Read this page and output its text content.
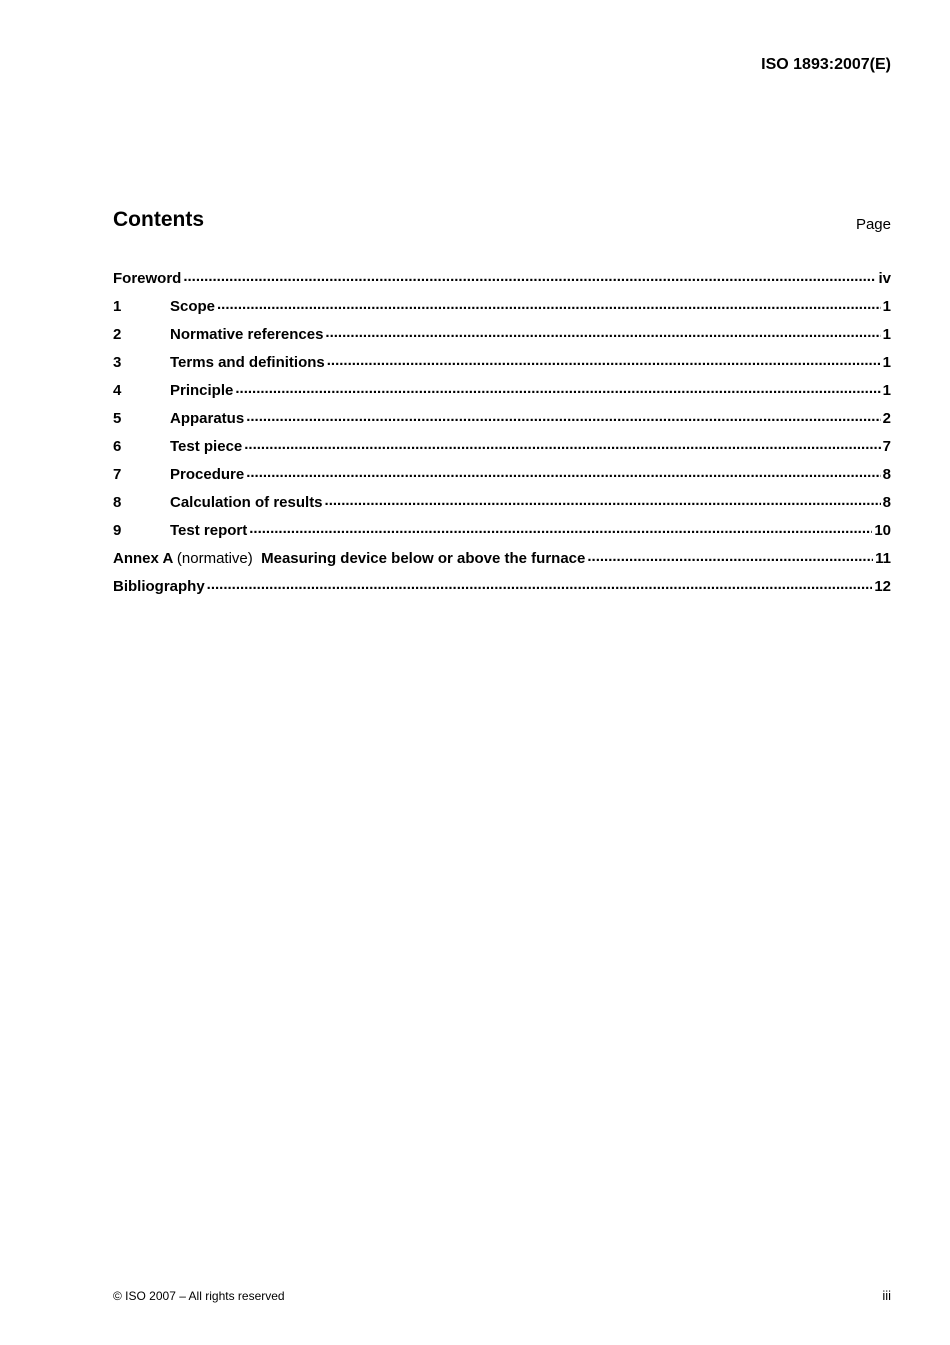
ISO 1893:2007(E)
Contents	Page
Foreword .....	iv
1	Scope .....	1
2	Normative references .....	1
3	Terms and definitions .....	1
4	Principle .....	1
5	Apparatus .....	2
6	Test piece .....	7
7	Procedure .....	8
8	Calculation of results .....	8
9	Test report .....	10
Annex A (normative) Measuring device below or above the furnace .....	11
Bibliography .....	12
© ISO 2007 – All rights reserved	iii
